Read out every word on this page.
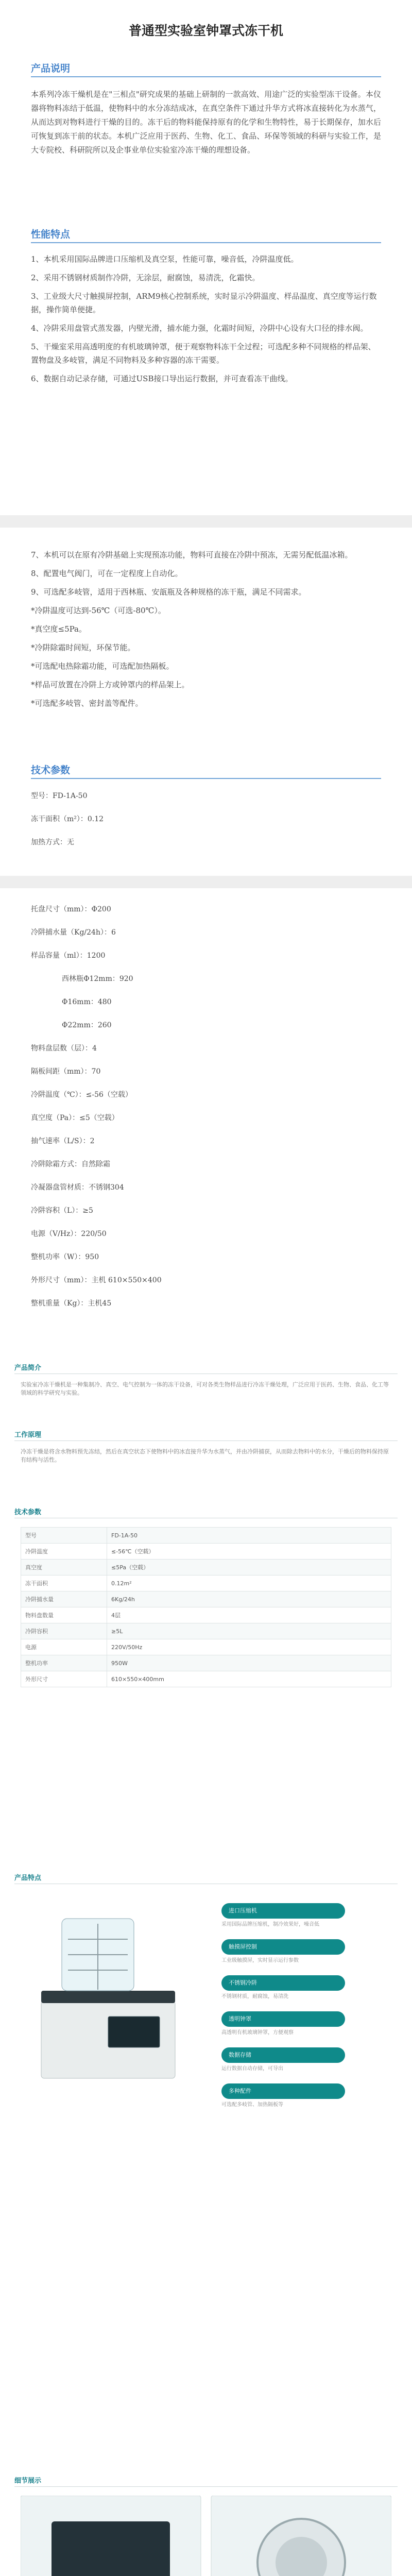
普通型实验室钟罩式冻干机
产品说明
本系列冷冻干燥机是在"三相点"研究成果的基础上研制的一款高效、用途广泛的实验型冻干设备。本仪器将物料冻结于低温，使物料中的水分冻结成冰，在真空条件下通过升华方式将冰直接转化为水蒸气，从而达到对物料进行干燥的目的。冻干后的物料能保持原有的化学和生物特性，易于长期保存，加水后可恢复到冻干前的状态。本机广泛应用于医药、生物、化工、食品、环保等领域的科研与实验工作，是大专院校、科研院所以及企事业单位实验室冷冻干燥的理想设备。
性能特点
1、本机采用国际品牌进口压缩机及真空泵，性能可靠，噪音低，冷阱温度低。
2、采用不锈钢材质制作冷阱，无涂层，耐腐蚀，易清洗，化霜快。
3、工业级大尺寸触摸屏控制，ARM9核心控制系统，实时显示冷阱温度、样品温度、真空度等运行数据，操作简单便捷。
4、冷阱采用盘管式蒸发器，内壁光滑，捕水能力强，化霜时间短，冷阱中心设有大口径的排水阀。
5、干燥室采用高透明度的有机玻璃钟罩，便于观察物料冻干全过程；可选配多种不同规格的样品架、置物盘及多岐管，满足不同物料及多种容器的冻干需要。
6、数据自动记录存储，可通过USB接口导出运行数据，并可查看冻干曲线。
7、本机可以在原有冷阱基础上实现预冻功能，物料可直接在冷阱中预冻，无需另配低温冰箱。
8、配置电气阀门，可在一定程度上自动化。
9、可选配多岐管，适用于西林瓶、安瓿瓶及各种规格的冻干瓶，满足不同需求。
*冷阱温度可达到-56℃（可选-80℃）。
*真空度≤5Pa。
*冷阱除霜时间短，环保节能。
*可选配电热除霜功能，可选配加热隔板。
*样品可放置在冷阱上方或钟罩内的样品架上。
*可选配多岐管、密封盖等配件。
技术参数
型号：FD-1A-50
冻干面积（m²）：0.12
加热方式：无
托盘尺寸（mm）：Φ200
冷阱捕水量（Kg/24h）：6
样品容量（ml）：1200
西林瓶Φ12mm：920
Φ16mm：480
Φ22mm：260
物料盘层数（层）：4
隔板间距（mm）：70
冷阱温度（℃）：≤-56（空载）
真空度（Pa）：≤5（空载）
抽气速率（L/S）：2
冷阱除霜方式：自然除霜
冷凝器盘管材质：不锈钢304
冷阱容积（L）：≥5
电源（V/Hz）：220/50
整机功率（W）：950
外形尺寸（mm）：主机 610×550×400
整机重量（Kg）：主机45
产品简介
实验室冷冻干燥机是一种集制冷、真空、电气控制为一体的冻干设备，可对各类生物样品进行冷冻干燥处理，广泛应用于医药、生物、食品、化工等领域的科学研究与实验。
工作原理
冷冻干燥是将含水物料预先冻结，然后在真空状态下使物料中的冰直接升华为水蒸气，并由冷阱捕获，从而除去物料中的水分，干燥后的物料保持原有结构与活性。
技术参数
型号	FD-1A-50
冷阱温度	≤-56℃（空载）
真空度	≤5Pa（空载）
冻干面积	0.12m²
冷阱捕水量	6Kg/24h
物料盘数量	4层
冷阱容积	≥5L
电源	220V/50Hz
整机功率	950W
外形尺寸	610×550×400mm
产品特点
进口压缩机
采用国际品牌压缩机，制冷效果好，噪音低
触摸屏控制
工业级触摸屏，实时显示运行参数
不锈钢冷阱
不锈钢材质，耐腐蚀，易清洗
透明钟罩
高透明有机玻璃钟罩，方便观察
数据存储
运行数据自动存储，可导出
多种配件
可选配多岐管、加热隔板等
细节展示
